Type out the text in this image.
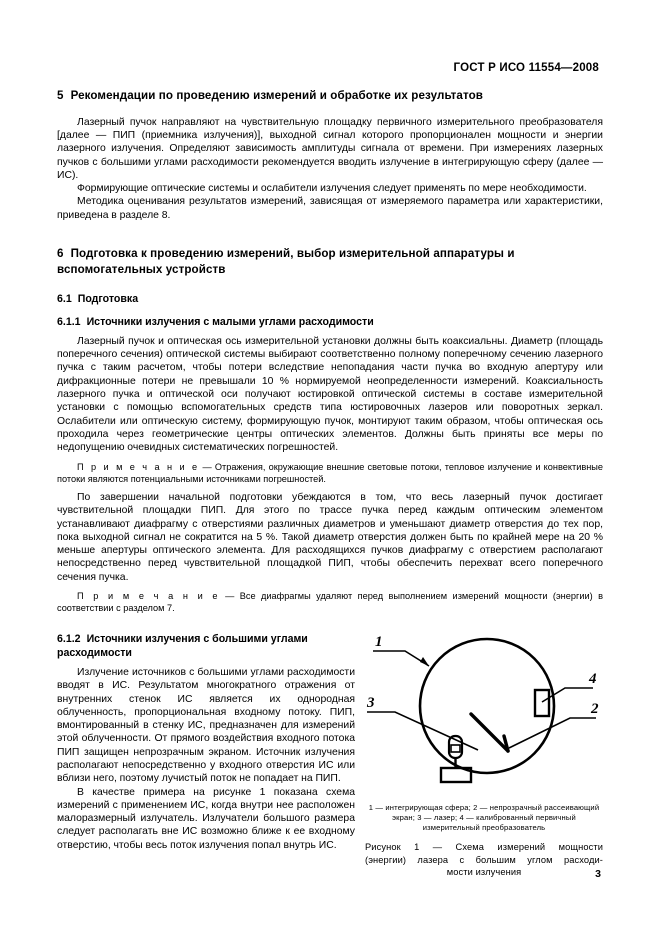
ГОСТ Р ИСО 11554—2008
5 Рекомендации по проведению измерений и обработке их результатов

Лазерный пучок направляют на чувствительную площадку первичного измерительного преобразователя [далее — ПИП (приемника излучения)], выходной сигнал которого пропорционален мощности и энергии лазерного излучения. Определяют зависимость амплитуды сигнала от времени. При измерениях лазерных пучков с большими углами расходимости рекомендуется вводить излучение в интегрирующую сферу (далее — ИС).

Формирующие оптические системы и ослабители излучения следует применять по мере необходимости.

Методика оценивания результатов измерений, зависящая от измеряемого параметра или характеристики, приведена в разделе 8.

6 Подготовка к проведению измерений, выбор измерительной аппаратуры и вспомогательных устройств
6.1 Подготовка
6.1.1 Источники излучения с малыми углами расходимости

Лазерный пучок и оптическая ось измерительной установки должны быть коаксиальны. Диаметр (площадь поперечного сечения) оптической системы выбирают соответственно полному поперечному сечению лазерного пучка с таким расчетом, чтобы потери вследствие непопадания части пучка во входную апертуру или дифракционные потери не превышали 10 % нормируемой неопределенности измерений. Коаксиальность лазерного пучка и оптической оси получают юстировкой оптической системы в составе измерительной установки с помощью вспомогательных средств типа юстировочных лазеров или поворотных зеркал. Ослабители или оптическую систему, формирующую пучок, монтируют таким образом, чтобы оптическая ось проходила через геометрические центры оптических элементов. Должны быть приняты все меры по недопущению очевидных систематических погрешностей.

П р и м е ч а н и е — Отражения, окружающие внешние световые потоки, тепловое излучение и конвективные потоки являются потенциальными источниками погрешностей.

По завершении начальной подготовки убеждаются в том, что весь лазерный пучок достигает чувствительной площадки ПИП. Для этого по трассе пучка перед каждым оптическим элементом устанавливают диафрагму с отверстиями различных диаметров и уменьшают диаметр отверстия до тех пор, пока выходной сигнал не сократится на 5 %. Такой диаметр отверстия должен быть по крайней мере на 20 % меньше апертуры оптического элемента. Для расходящихся пучков диафрагму с отверстием располагают непосредственно перед чувствительной площадкой ПИП, чтобы обеспечить перехват всего поперечного сечения пучка.

П р и м е ч а н и е — Все диафрагмы удаляют перед выполнением измерений мощности (энергии) в соответствии с разделом 7.

6.1.2 Источники излучения с большими углами расходимости

Излучение источников с большими углами расходимости вводят в ИС. Результатом многократного отражения от внутренних стенок ИС является их однородная облученность, пропорциональная входному потоку. ПИП, вмонтированный в стенку ИС, предназначен для измерений этой облученности. От прямого воздействия входного потока ПИП защищен непрозрачным экраном. Источник излучения располагают непосредственно у входного отверстия ИС или вблизи него, поэтому лучистый поток не попадает на ПИП.

В качестве примера на рисунке 1 показана схема измерений с применением ИС, когда внутри нее расположен малоразмерный излучатель. Излучатели большого размера следует располагать вне ИС возможно ближе к ее входному отверстию, чтобы весь поток излучения попал внутрь ИС.

1
3
4
2
1 — интегрирующая сфера; 2 — непрозрачный рассеивающий экран; 3 — лазер; 4 — калиброванный первичный измерительный преобразователь
Рисунок 1 — Схема измерений мощности
(энергии) лазера с большим углом расходи-
мости излучения	3
